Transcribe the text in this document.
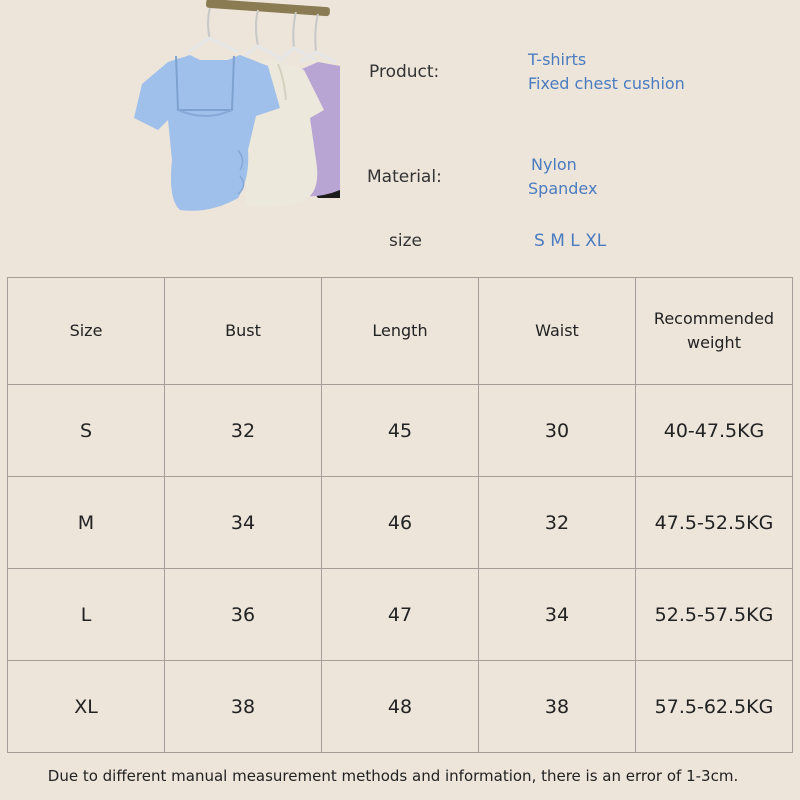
Product:
T-shirts
Fixed chest cushion
Material:
Nylon
Spandex
size	S M L XL
Size	Bust	Length	Waist	Recommended weight
S	32	45	30	40-47.5KG
M	34	46	32	47.5-52.5KG
L	36	47	34	52.5-57.5KG
XL	38	48	38	57.5-62.5KG
Due to different manual measurement methods and information, there is an error of 1-3cm.
